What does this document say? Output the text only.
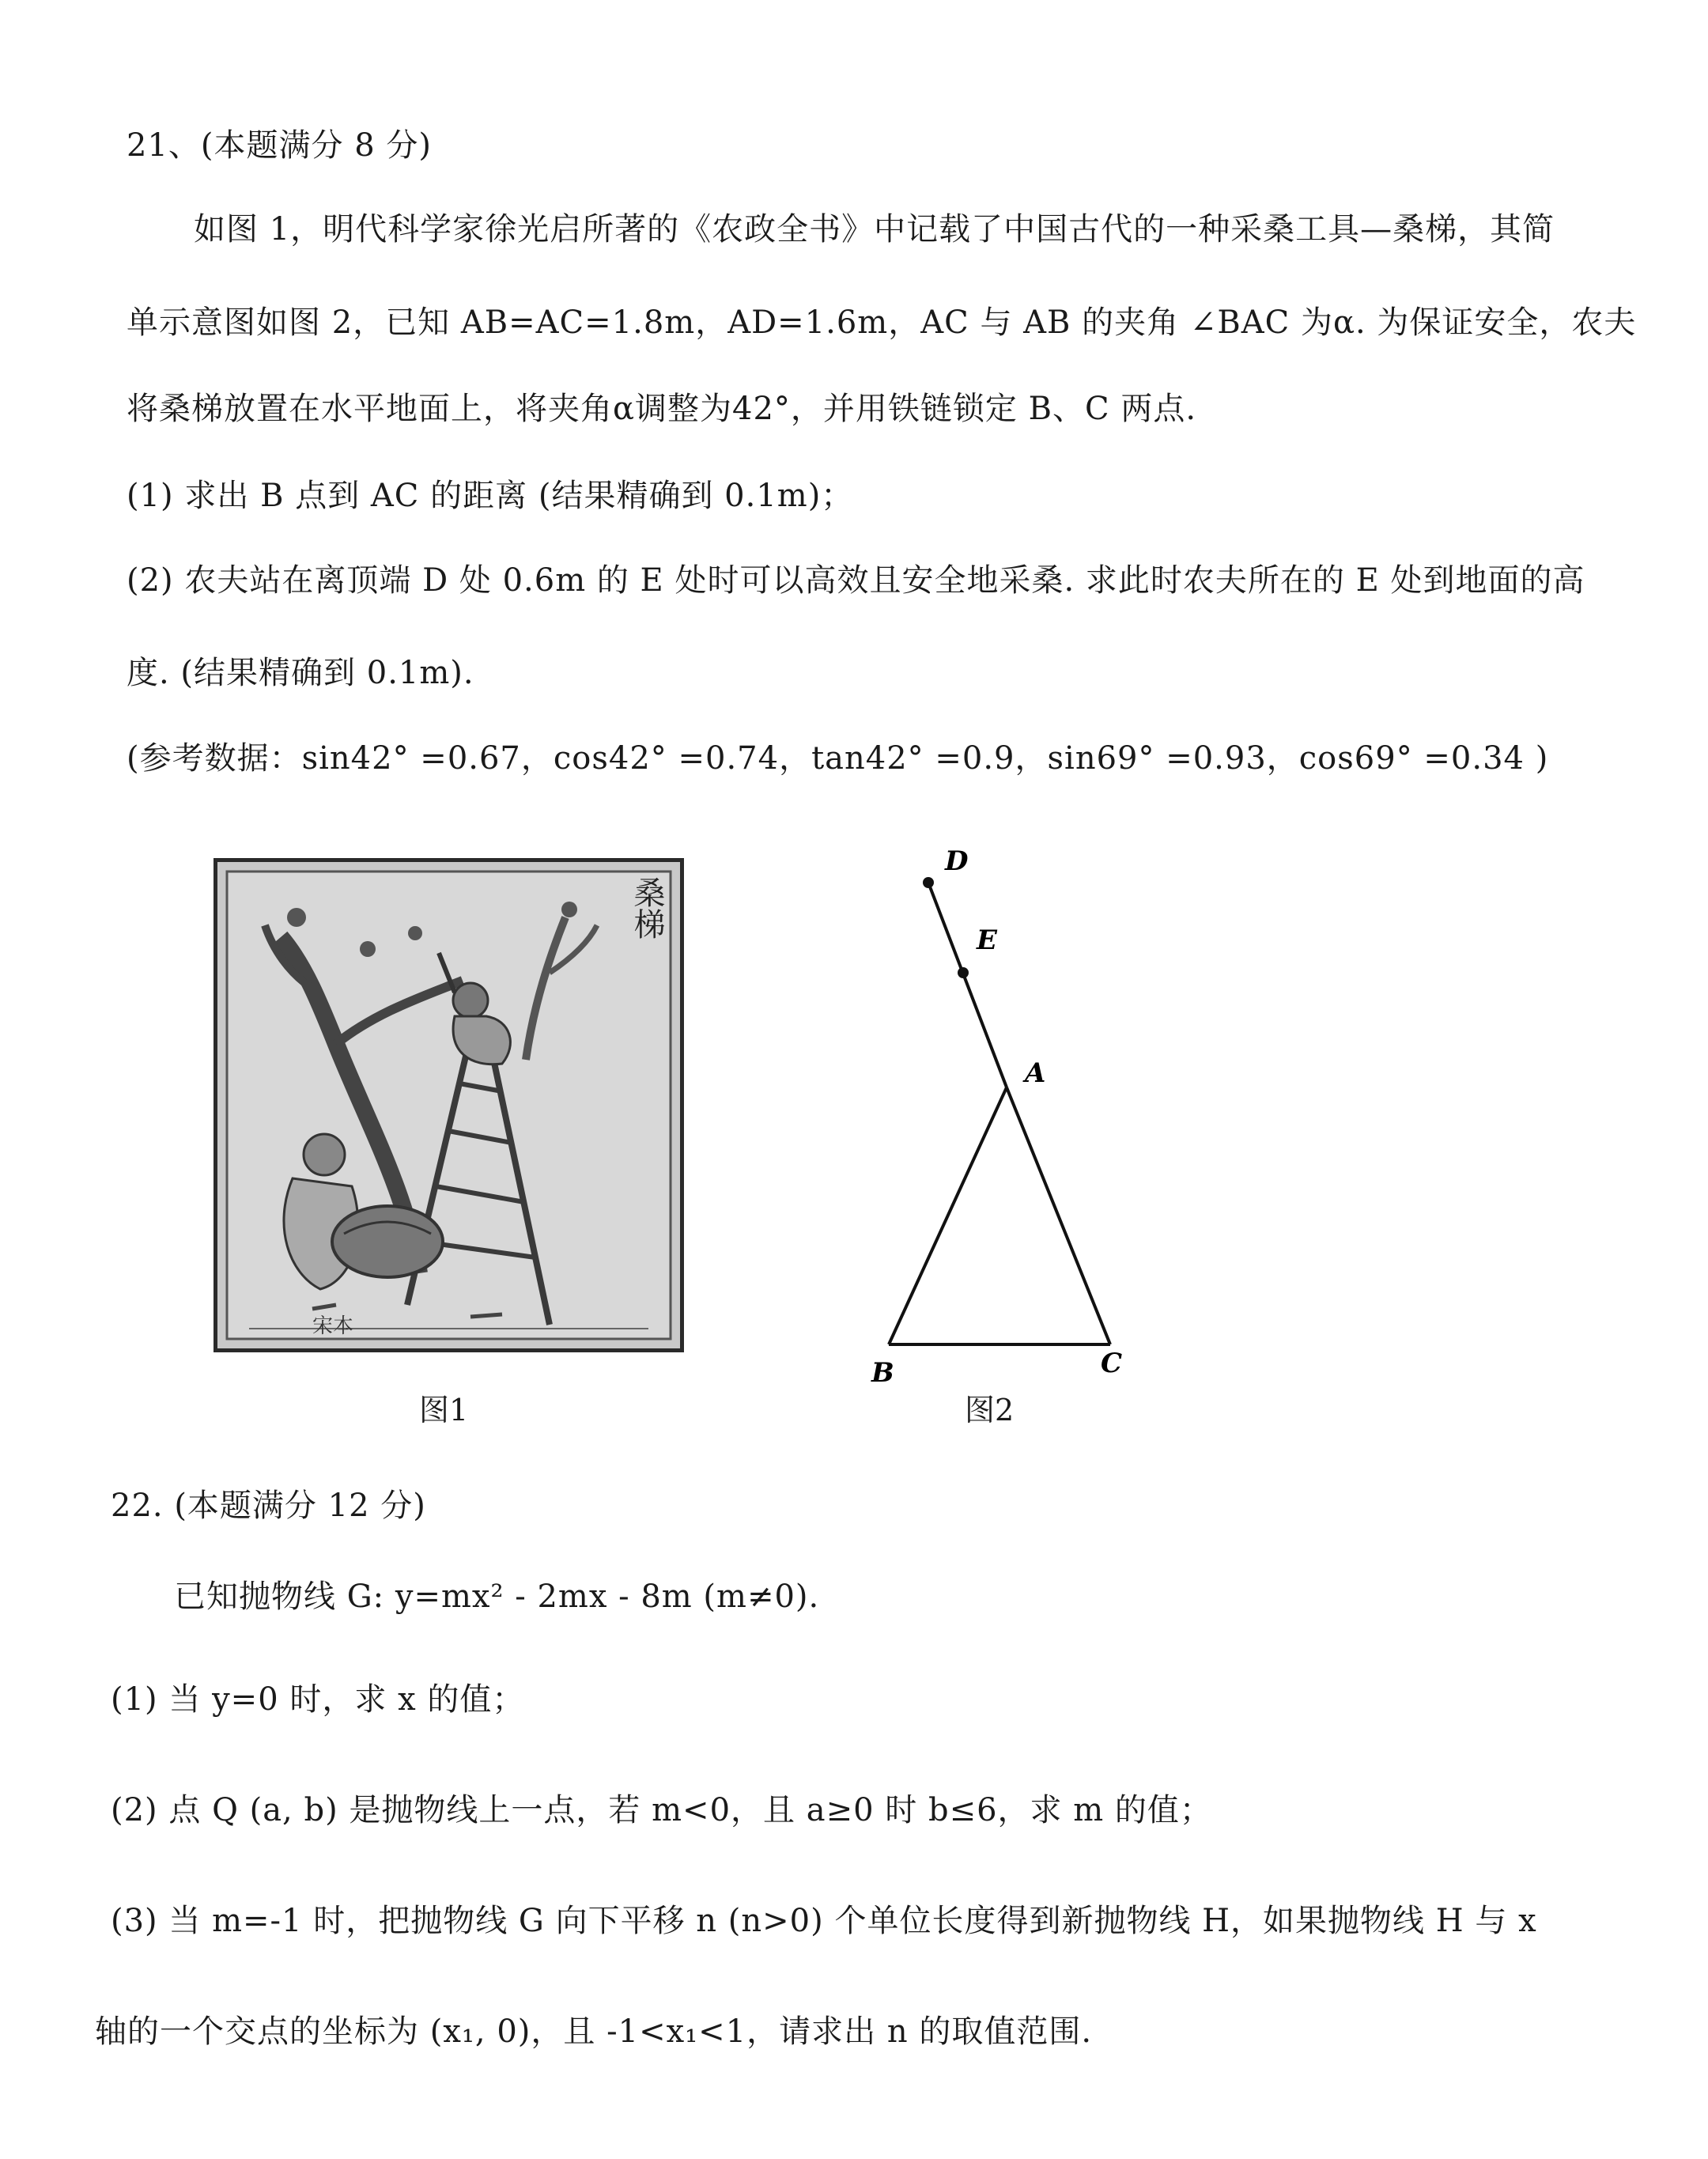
21、(本题满分 8 分)
如图 1，明代科学家徐光启所著的《农政全书》中记载了中国古代的一种采桑工具—桑梯，其简
单示意图如图 2，已知 AB=AC=1.8m，AD=1.6m，AC 与 AB 的夹角 ∠BAC 为α. 为保证安全，农夫
将桑梯放置在水平地面上，将夹角α调整为42°，并用铁链锁定 B、C 两点.
(1) 求出 B 点到 AC 的距离 (结果精确到 0.1m)；
(2) 农夫站在离顶端 D 处 0.6m 的 E 处时可以高效且安全地采桑. 求此时农夫所在的 E 处到地面的高
度. (结果精确到 0.1m).
(参考数据：sin42° =0.67，cos42° =0.74，tan42° =0.9，sin69° =0.93，cos69° =0.34 )
桑梯
宋本
图1
D
E
A
B	C
图2
22. (本题满分 12 分)
已知抛物线 G: y=mx² - 2mx - 8m (m≠0).
(1) 当 y=0 时，求 x 的值；
(2) 点 Q (a, b) 是抛物线上一点，若 m<0，且 a≥0 时 b≤6，求 m 的值；
(3) 当 m=-1 时，把抛物线 G 向下平移 n (n>0) 个单位长度得到新抛物线 H，如果抛物线 H 与 x
轴的一个交点的坐标为 (x₁, 0)，且 -1<x₁<1，请求出 n 的取值范围.
